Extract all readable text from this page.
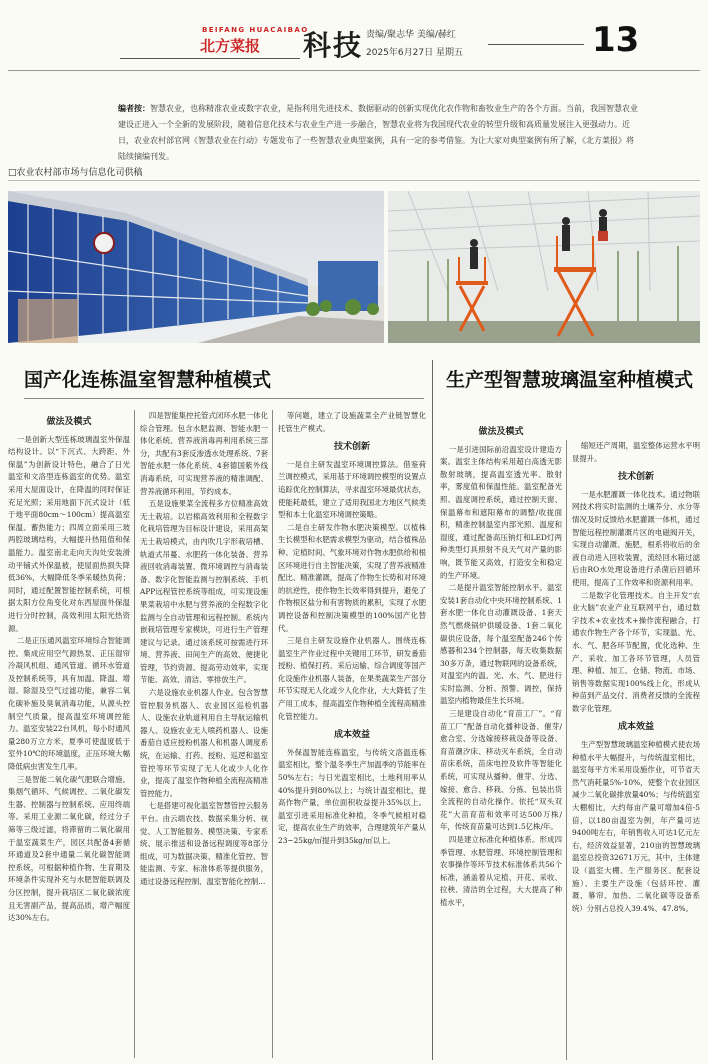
BEIFANG HUACAIBAO
北方菜报 科技 责编/聚志华 美编/赫红
2025年6月27日 星期五	13
编者按：智慧农业，也称精准农业或数字农业，是指利用先进技术、数据驱动的创新实现优化农作物和畜牧业生产的各个方面。当前，我国智慧农业建设正进入一个全新的发展阶段，随着信息化技术与农业生产进一步融合，智慧农业将为我国现代农业的转型升级和高质量发展注入更强动力。近日，农业农村部官网《智慧农业在行动》专题发布了一些智慧农业典型案例，具有一定的参考借鉴。为让大家对典型案例有所了解，《北方菜报》将陆续摘编刊发。
□农业农村部市场与信息化司供稿
国产化连栋温室智慧种植模式
做法及模式

一是创新大型连栋玻璃温室外保温结构设计。以“下沉式、大跨距、外保温”为创新设计特色，融合了日光温室和文洛型连栋温室的优势。温室采用大屋面设计，在降温的同时保证充足光照；采用地面下沉式设计（低于地平面80cm～100cm）提高温室保温、蓄热能力；四周立面采用三玻两腔玻璃结构，大幅提升热阻值和保温能力。温室南北走向天沟处安装滑动平铺式外保温被，使屋面热损失降低36%，大幅降低冬季采暖热负荷；同时，通过配置智能控制系统，可根据太阳方位角变化对东西屋面外保温进行分时控制，高效利用太阳光热资源。

二是正压通风温室环境综合智能调控。集成应用空气源热泵、正压湿帘冷凝风机组、通风管道、循环水管道及控制系统等，具有加温、降温、增湿、除湿及空气过滤功能，兼容二氧化碳补施及臭氧消毒功能，从源头控制空气质量，提高温室环境调控能力。温室安装22台风机，每小时通风量280万立方米，夏季可使温度低于室外10℃的环境温度，正压环境大幅降低病虫害发生几率。

三是智能二氧化碳气肥联合增施。集烟气循环、气候调控、二氧化碳发生器、控制器与控制系统、应用终端等。采用工业源二氧化碳，经过分子筛等三级过滤，将滞留的二氧化碳用于温室蔬菜生产，园区共配备4套循环通道及2套中通量二氧化碳智能调控系统，可根据种植作物、生育期及环境条件实现补充与水肥智能联调及分区控制，提升栽培区二氧化碳浓度且无害副产品，提高品质，增产幅度达30%左右。

四是智能集控托管式闭环水肥一体化综合管理。包含水肥监测、智能水肥一体化系统、营养液消毒再利用系统三部分，共配有3套反渗透水处理系统、7套智能水肥一体化系统、4套德国紫外线消毒系统，可实现营养液的精准调配、营养液循环利用，节约成本。

五是设施果菜全流程多方位精准高效无土栽培。以岩棉高效利用和全程数字化栽培管理为目标设计建设，采用高架无土栽培模式，由内吹几字形栽培槽、轨道式吊蔓、水肥药一体化装备、营养液回收消毒装置、微环境调控与消毒装备、数字化智能监测与控制系统、手机APP远程管控系统等组成，可实现设施果菜栽培中水肥与营养液的全程数字化监测与全自动管理和远程控制。系统内嵌栽培管理专家模块，可进行生产管理建议与记录。通过该系统可按需进行环境、营养液、田间生产的高效、便捷化管理，节约资源、提高劳动效率，实现节能、高效、清洁、零排放生产。

六是设施农业机器人作业。包含智慧管控服务机器人、农业园区巡检机器人、设施农业轨道利用自主导航运输机器人、设施农业无人喷药机器人、设施番茄自适应授粉机器人和机器人调度系统，在运输、打药、授粉、巡逻和温室管控等环节实现了无人化或少人化作业，提高了温室作物种植全流程高精准管控能力。

七是搭建可视化温室智慧管控云服务平台。由云端农技、数据采集分析、视觉、人工智能服务、模型决策、专家系统、展示推送和设备远程调度等8部分组成，可为数据决策、精准化管控、智能监测、专家、标准体系等提供服务，通过设备远程控制、温室智能化控制...

等问题，建立了设施蔬菜全产业链智慧化托管生产模式。

技术创新

一是自主研发温室环境调控算法。借鉴荷兰调控模式，采用基于环境调控模型的设置点追踪优化控制算法，寻求温室环境最优状态，使能耗最低，建立了适用我国北方地区气候类型和本土化温室环境调控策略。

二是自主研发作物水肥决策模型。以植株生长模型和水肥需求模型为驱动，结合植株品种、定植时间、气象环境对作物水肥供给和根区环境进行自主智能决策，实现了营养液精准配比、精准灌溉，提高了作物生长势和对环境的抗逆性，使作物生长效率得到提升，避免了作物根区盐分和有害物质的累积，实现了水肥调控设备和控制决策模型的100%国产化替代。

三是自主研发设施作业机器人。围绕连栋温室生产作业过程中关键用工环节，研发番茄授粉、植保打药、采后运输、综合调度等国产化设施作业机器人装备，在果类蔬菜生产部分环节实现无人化或少人化作业，大大降低了生产用工成本，提高温室作物种植全流程高精准化管控能力。

成本效益

外保温智能连栋温室，与传统文洛温连栋温室相比，整个温冬季生产加温季的节能率在50%左右；与日光温室相比，土地利用率从40%提升到80%以上；与统计温室相比，提高作物产量，单位面积收益提升35%以上。温室引进采用标准化种植，冬季气候相对稳定，提高农业生产的效率，合理建筑年产量从23~25kg/㎡提升到35kg/㎡以上。

生产型智慧玻璃温室种植模式
做法及模式

一是引进国际前沿温室设计建造方案。温室主体结构采用超白高透无影散射玻璃，提高温室透光率、散射率，雾度值和保温性能。温室配备光照、温度调控系统，通过控制天窗、保温幕布和遮阳幕布的调整/收拢面积，精准控制温室内部光照、温度和湿度，通过配备高压钠灯和LED灯两种类型灯具照射不良天气对产量的影响，既节能又高效，打造安全和稳定的生产环境。

二是提升温室智能控制水平。温室安装1套自动化中央环境控制系统、1套水肥一体化自动灌溉设备、1套天然气燃烧锅炉供暖设备、1套二氧化碳供应设备，每个温室配备246个传感器和234个控制器，每天收集数据30多万条，通过物联网的设备系统，对温室内的温、光、水、气、肥进行实时监测、分析、预警、调控，保持温室内植物最佳生长环境。

三是建设自动化“育苗工厂”。“育苗工厂”配备自动化播种设备、催芽/愈合室、分选嫁接移栽设备等设备、育苗潮汐床、移动灭车系统，全自动苗床系统，苗床电控及软件等智能化系统，可实现从播种、催芽、分选、嫁接、愈合、移栽、分拣、包装出货全流程的自动化操作。依托“双头双花”大苗育苗和效率可达500万株/年，传统育苗量可达到1.5亿株/年。

四是建立标准化种植体系。形成四季管理、水肥管理、环境控制管理和农事操作等环节技术标准体系共56个标准，涵盖着从定植、开花、采收、拉秧、清洁的全过程，大大提高了种植水平，

缩短还产周期，温室整体运营水平明显提升。

技术创新

一是水肥灌溉一体化技术。通过物联网技术将实时监测的土壤养分、水分等情况及时反馈给水肥灌溉一体机，通过智能远程控制灌溉片区的电磁阀开关，实现自动灌溉、施肥，根系将收后的余液自动进入回收装置，流经回水箱过滤后由RO水处理设备进行杀菌后回循环使用，提高了工作效率和资源利用率。

二是数字化管理技术。自主开发“农业大脑”农业产业互联网平台，通过数字技术+农业技术+操作流程融合，打通农作物生产各个环节，实现温、光、水、气、肥各环节配置，优化选种、生产、采收、加工各环节管理，人员管理、种植、加工、仓储、物流、市场、销售等数据实现100%线上化，形成从种苗到产品交付、消费者反馈的全流程数字化管理。

成本效益

生产型智慧玻璃温室种植模式使农场种植水平大幅提升，与传统温室相比，温室每平方米采用设施作业，可节省天然气消耗量5%-10%，使整个农业园区减少二氧化碳排放量40%；与传统温室大棚相比，大约每亩产量可增加4倍-5倍，以180亩温室为例，年产量可达9400吨左右，年销售收入可达1亿元左右，经济效益显著，210亩的智慧玻璃温室总投资32671万元，其中，主体建设（温室大棚、生产服务区、配套设施）、主要生产设施（包括环控、灌溉、幕帘、加热、二氧化碳等设备系统）分别占总投入39.4%、47.8%。
